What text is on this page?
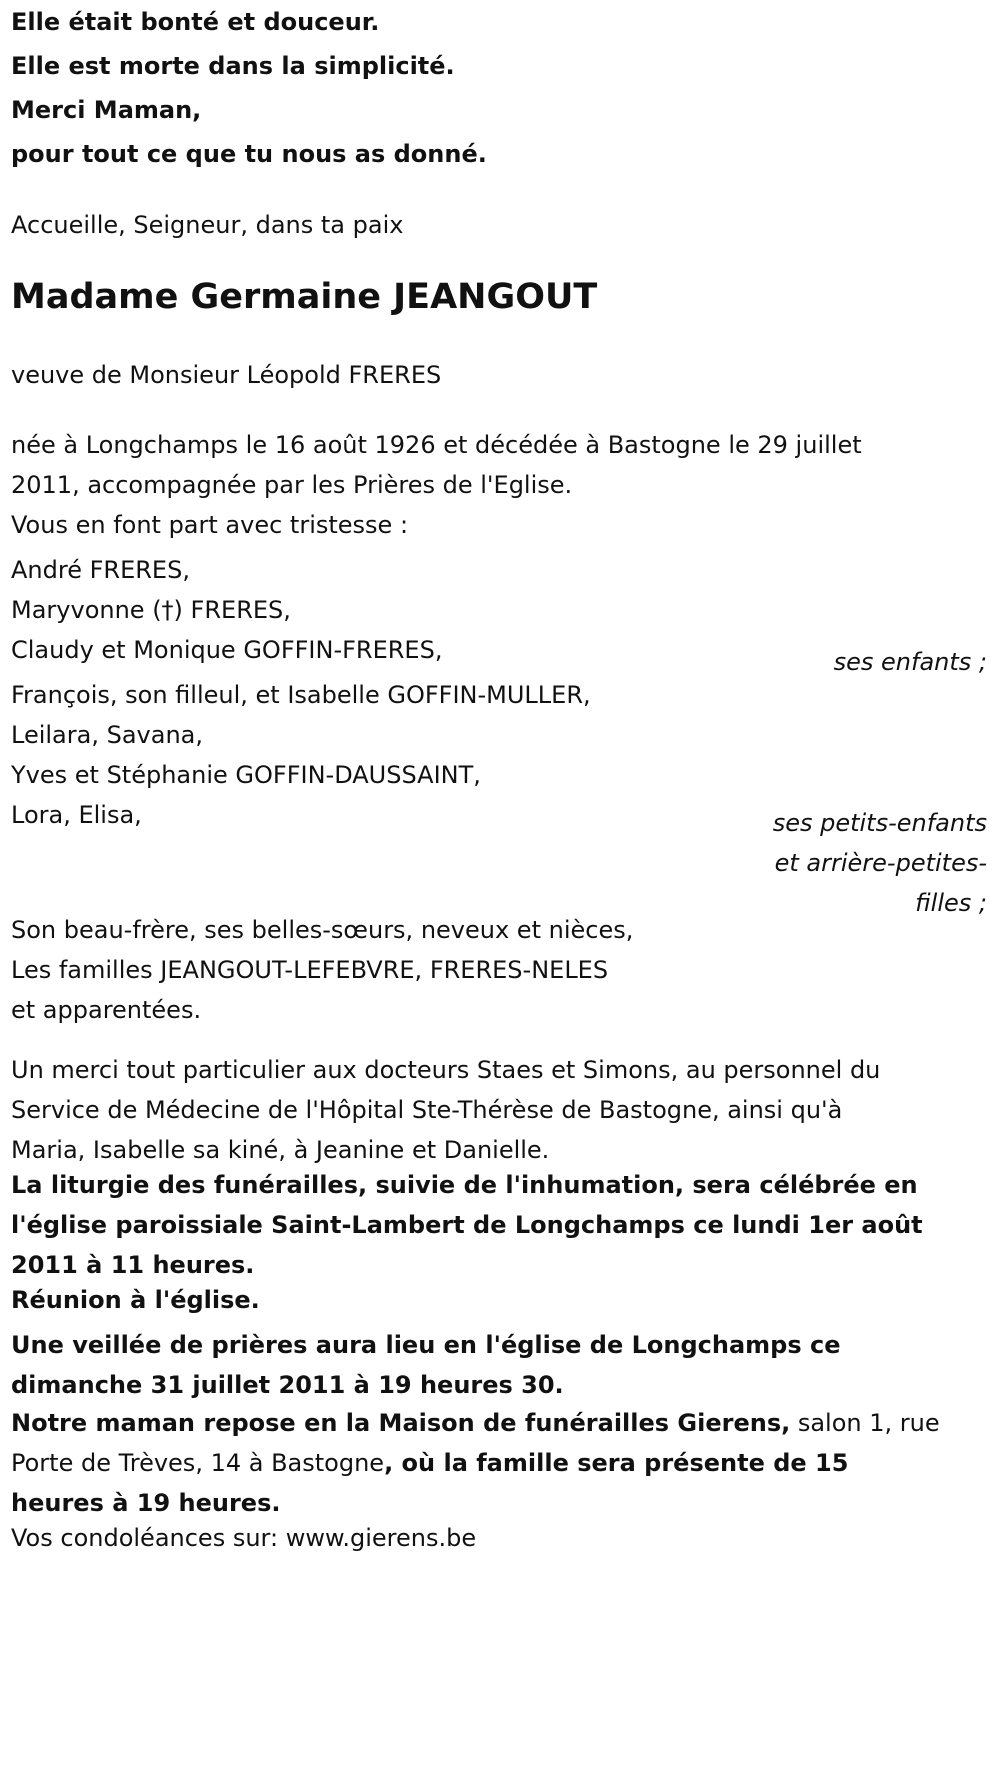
Elle était bonté et douceur.
Elle est morte dans la simplicité.
Merci Maman,
pour tout ce que tu nous as donné.
Accueille, Seigneur, dans ta paix
Madame Germaine JEANGOUT
veuve de Monsieur Léopold FRERES
née à Longchamps le 16 août 1926 et décédée à Bastogne le 29 juillet
2011, accompagnée par les Prières de l'Eglise.
Vous en font part avec tristesse :
André FRERES,
Maryvonne (†) FRERES,
Claudy et Monique GOFFIN-FRERES,	ses enfants ;
François, son filleul, et Isabelle GOFFIN-MULLER,
Leilara, Savana,
Yves et Stéphanie GOFFIN-DAUSSAINT,
Lora, Elisa,	ses petits-enfants
et arrière-petites-
filles ;
Son beau-frère, ses belles-sœurs, neveux et nièces,
Les familles JEANGOUT-LEFEBVRE, FRERES-NELES
et apparentées.
Un merci tout particulier aux docteurs Staes et Simons, au personnel du
Service de Médecine de l'Hôpital Ste-Thérèse de Bastogne, ainsi qu'à
Maria, Isabelle sa kiné, à Jeanine et Danielle.
La liturgie des funérailles, suivie de l'inhumation, sera célébrée en
l'église paroissiale Saint-Lambert de Longchamps ce lundi 1er août
2011 à 11 heures.
Réunion à l'église.
Une veillée de prières aura lieu en l'église de Longchamps ce
dimanche 31 juillet 2011 à 19 heures 30.
Notre maman repose en la Maison de funérailles Gierens, salon 1, rue
Porte de Trèves, 14 à Bastogne, où la famille sera présente de 15
heures à 19 heures.
Vos condoléances sur: www.gierens.be
